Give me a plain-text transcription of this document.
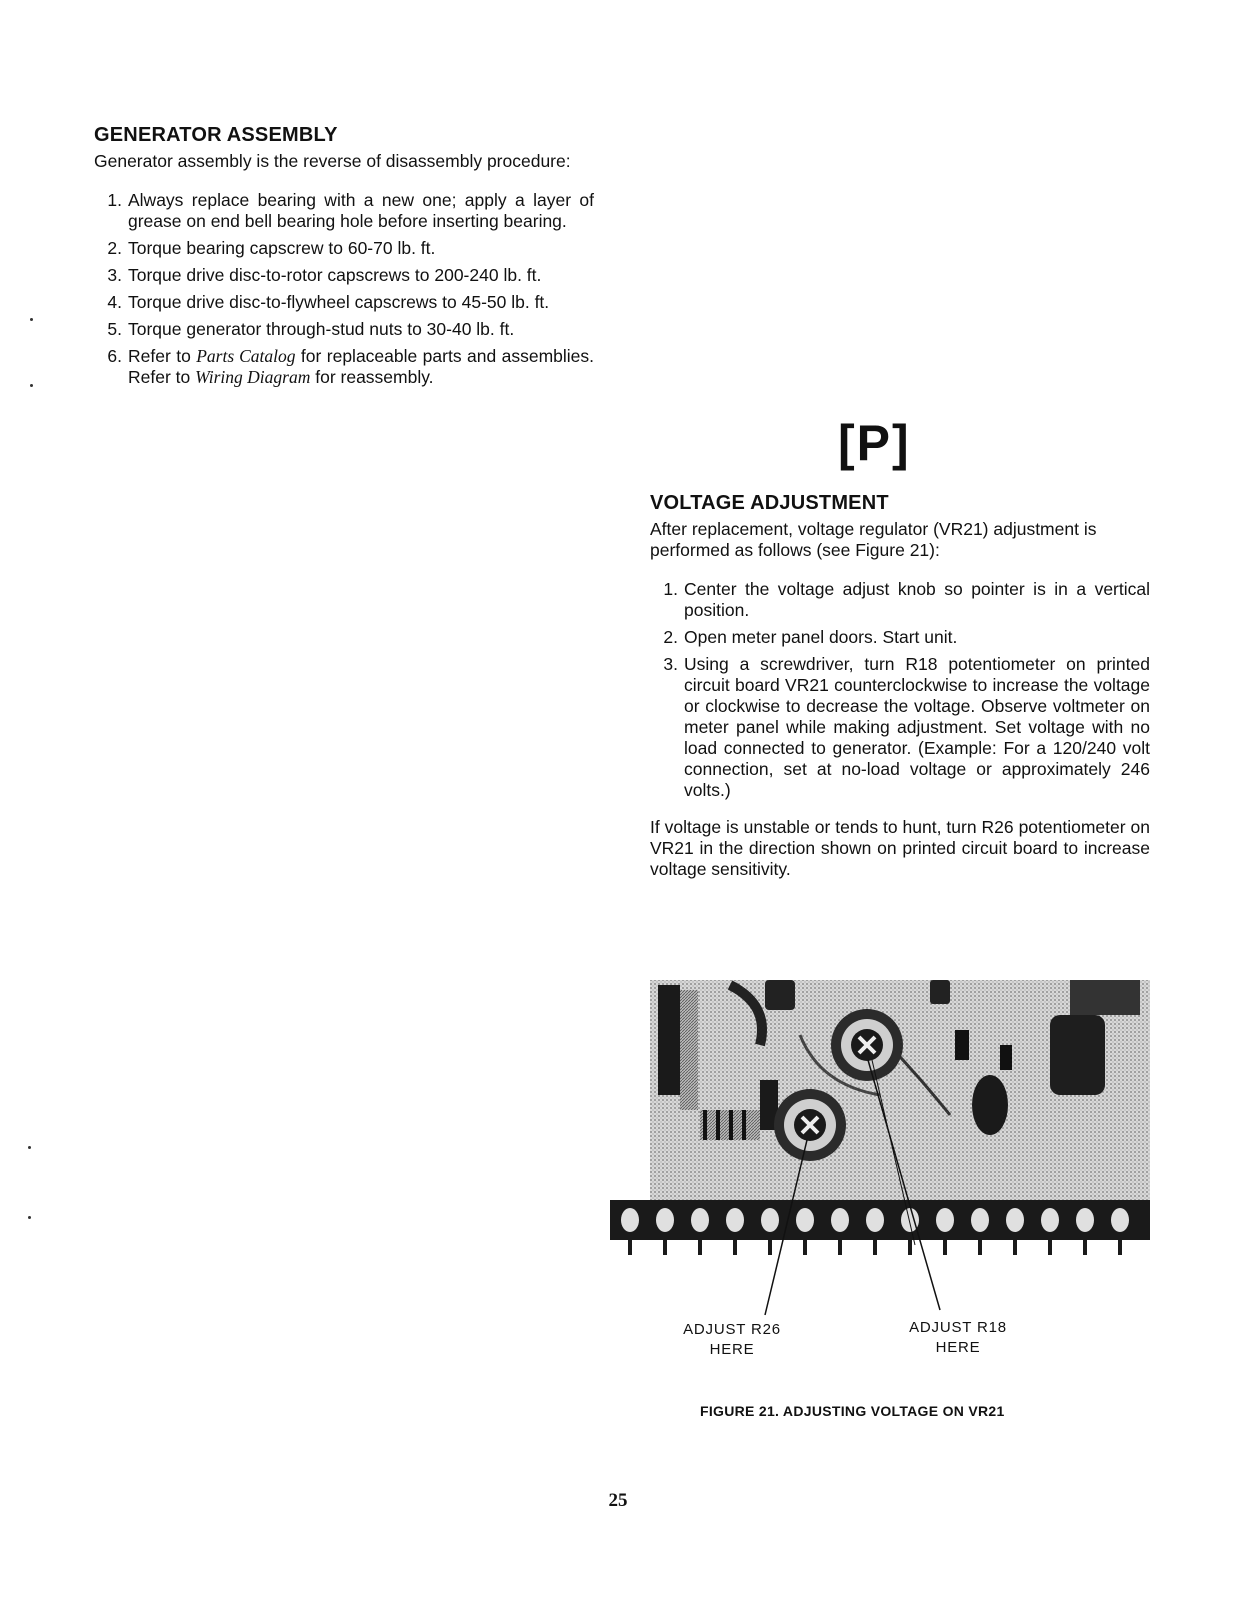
GENERATOR ASSEMBLY

Generator assembly is the reverse of disassembly procedure:

1. Always replace bearing with a new one; apply a layer of grease on end bell bearing hole before inserting bearing.
2. Torque bearing capscrew to 60-70 lb. ft.
3. Torque drive disc-to-rotor capscrews to 200-240 lb. ft.
4. Torque drive disc-to-flywheel capscrews to 45-50 lb. ft.
5. Torque generator through-stud nuts to 30-40 lb. ft.
6. Refer to Parts Catalog for replaceable parts and assemblies. Refer to Wiring Diagram for reassembly.
[P]
VOLTAGE ADJUSTMENT

After replacement, voltage regulator (VR21) adjustment is performed as follows (see Figure 21):

1. Center the voltage adjust knob so pointer is in a vertical position.
2. Open meter panel doors. Start unit.
3. Using a screwdriver, turn R18 potentiometer on printed circuit board VR21 counterclockwise to increase the voltage or clockwise to decrease the voltage. Observe voltmeter on meter panel while making adjustment. Set voltage with no load connected to generator. (Example: For a 120/240 volt connection, set at no-load voltage or approximately 246 volts.)

If voltage is unstable or tends to hunt, turn R26 potentiometer on VR21 in the direction shown on printed circuit board to increase voltage sensitivity.

ADJUST R26
HERE
ADJUST R18
HERE
FIGURE 21. ADJUSTING VOLTAGE ON VR21
25
